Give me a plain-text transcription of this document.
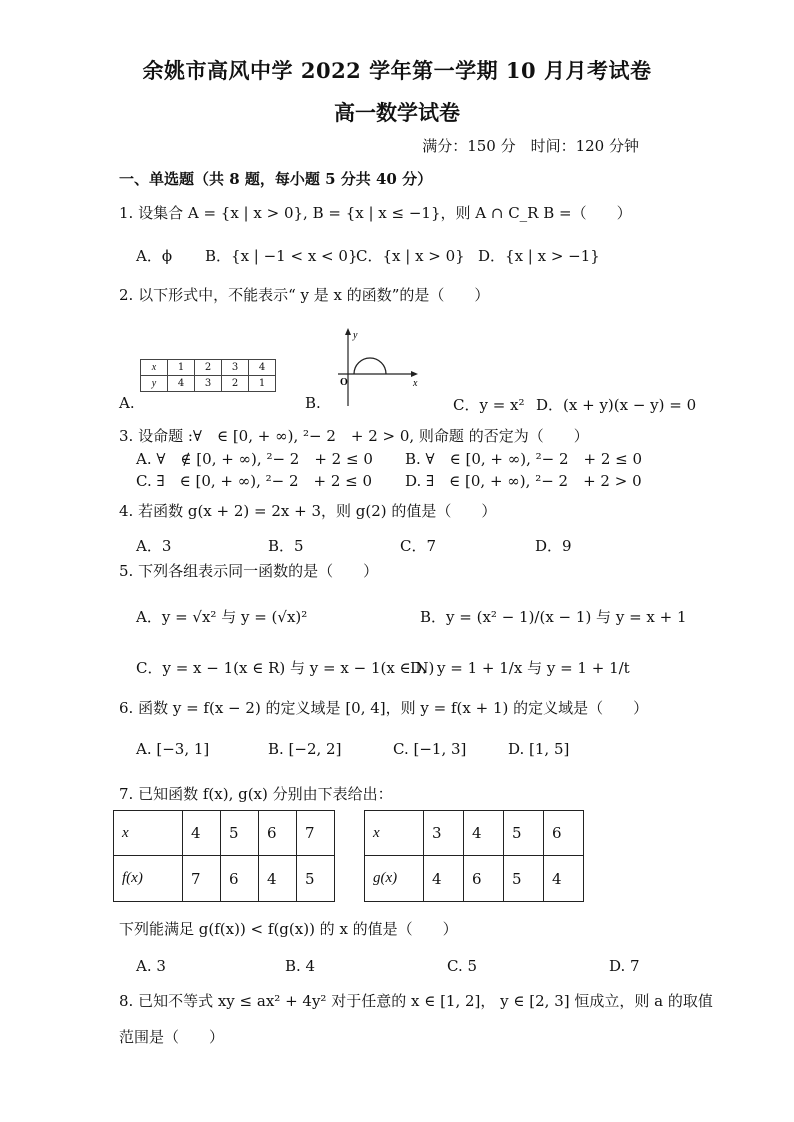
余姚市高风中学 2022 学年第一学期 10 月月考试卷
高一数学试卷
满分：150 分　时间：120 分钟
一、单选题（共 8 题，每小题 5 分共 40 分）
1. 设集合 A = {x | x > 0}, B = {x | x ≤ −1}，则 A ∩ C_R B =（　　）
A．ϕ B．{x | −1 < x < 0}
C．{x | x > 0} D．{x | x > −1}
2. 以下形式中，不能表示“ y 是 x 的函数”的是（　　）
x	1	2	3	4
y	4	3	2	1
y
x
O
A.	B.	C．y = x² D．(x + y)(x − y) = 0
3. 设命题 :∀　∈ [0, + ∞), ²− 2　+ 2 > 0, 则命题 的否定为（　　）
A. ∀　∉ [0, + ∞), ²− 2　+ 2 ≤ 0 B. ∀　∈ [0, + ∞), ²− 2　+ 2 ≤ 0
C. ∃　∈ [0, + ∞), ²− 2　+ 2 ≤ 0 D. ∃　∈ [0, + ∞), ²− 2　+ 2 > 0
4. 若函数 g(x + 2) = 2x + 3，则 g(2) 的值是（　　）
A．3	B．5	C．7	D．9
5. 下列各组表示同一函数的是（　　）
A．y = √x² 与 y = (√x)²	B．y = (x² − 1)/(x − 1) 与 y = x + 1
C．y = x − 1(x ∈ R) 与 y = x − 1(x ∈ N)
D．y = 1 + 1/x 与 y = 1 + 1/t
6. 函数 y = f(x − 2) 的定义域是 [0, 4]，则 y = f(x + 1) 的定义域是（　　）
A. [−3, 1]	B. [−2, 2]	C. [−1, 3]	D. [1, 5]
7. 已知函数 f(x), g(x) 分别由下表给出：
x	4	5	6	7
f(x)	7	6	4	5
x	3	4	5	6
g(x)	4	6	5	4
下列能满足 g(f(x)) < f(g(x)) 的 x 的值是（　　）
A. 3	B. 4	C. 5	D. 7
8. 已知不等式 xy ≤ ax² + 4y² 对于任意的 x ∈ [1, 2]， y ∈ [2, 3] 恒成立，则 a 的取值
范围是（　　）
